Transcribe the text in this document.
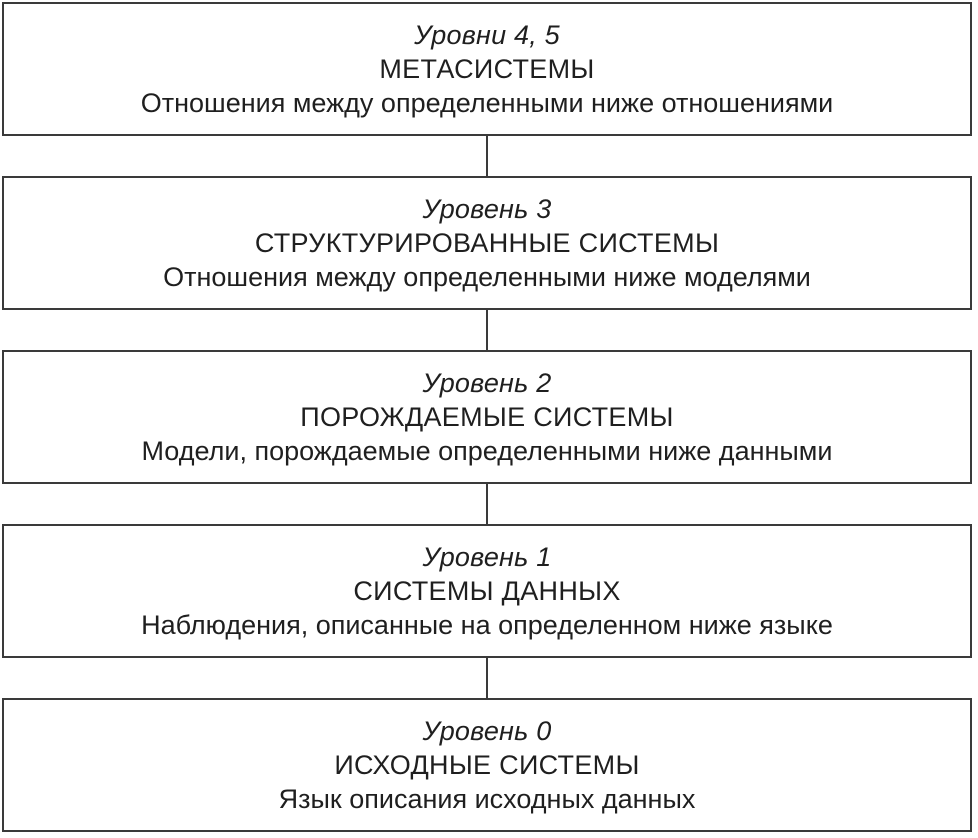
Уровни 4, 5
МЕТАСИСТЕМЫ
Отношения между определенными ниже отношениями
Уровень 3
СТРУКТУРИРОВАННЫЕ СИСТЕМЫ
Отношения между определенными ниже моделями
Уровень 2
ПОРОЖДАЕМЫЕ СИСТЕМЫ
Модели, порождаемые определенными ниже данными
Уровень 1
СИСТЕМЫ ДАННЫХ
Наблюдения, описанные на определенном ниже языке
Уровень 0
ИСХОДНЫЕ СИСТЕМЫ
Язык описания исходных данных
